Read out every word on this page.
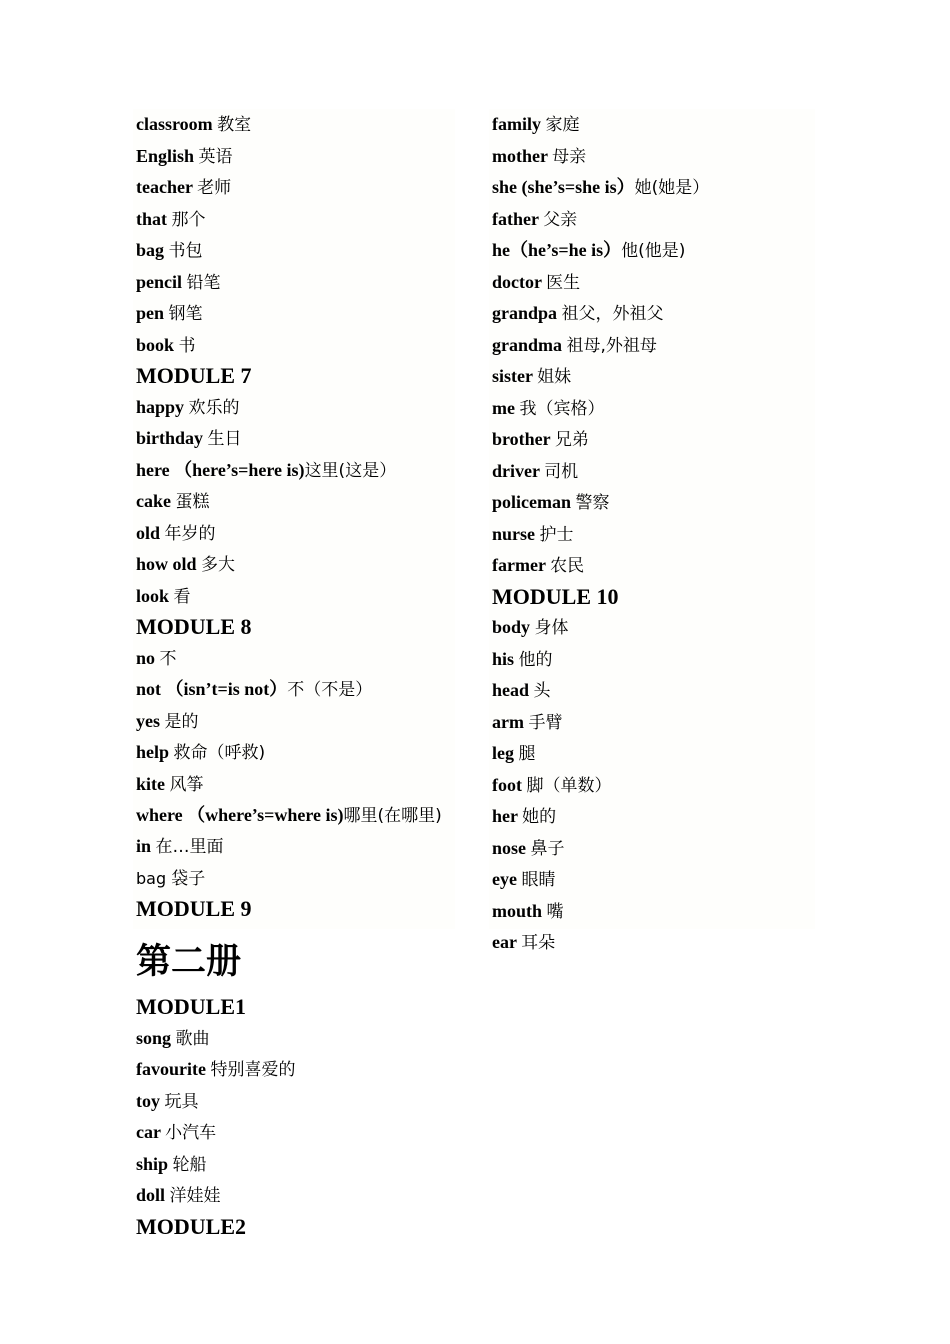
classroom 教室
English 英语
teacher 老师
that 那个
bag 书包
pencil 铅笔
pen 钢笔
book 书
MODULE 7
happy 欢乐的
birthday 生日
here （here’s=here is)这里(这是）
cake 蛋糕
old 年岁的
how old 多大
look 看
MODULE 8
no 不
not （isn’t=is not）不（不是）
yes 是的
help 救命（呼救)
kite 风筝
where （where’s=where is)哪里(在哪里)
in 在…里面
bag 袋子
MODULE 9
family 家庭
mother 母亲
she (she’s=she is）她(她是）
father 父亲
he（he’s=he is）他(他是)
doctor 医生
grandpa 祖父，外祖父
grandma 祖母,外祖母
sister 姐妹
me 我（宾格）
brother 兄弟
driver 司机
policeman 警察
nurse 护士
farmer 农民
MODULE 10
body 身体
his 他的
head 头
arm 手臂
leg 腿
foot 脚（单数）
her 她的
nose 鼻子
eye 眼睛
mouth 嘴
ear 耳朵
第二册
MODULE1
song 歌曲
favourite 特别喜爱的
toy 玩具
car 小汽车
ship 轮船
doll 洋娃娃
MODULE2
